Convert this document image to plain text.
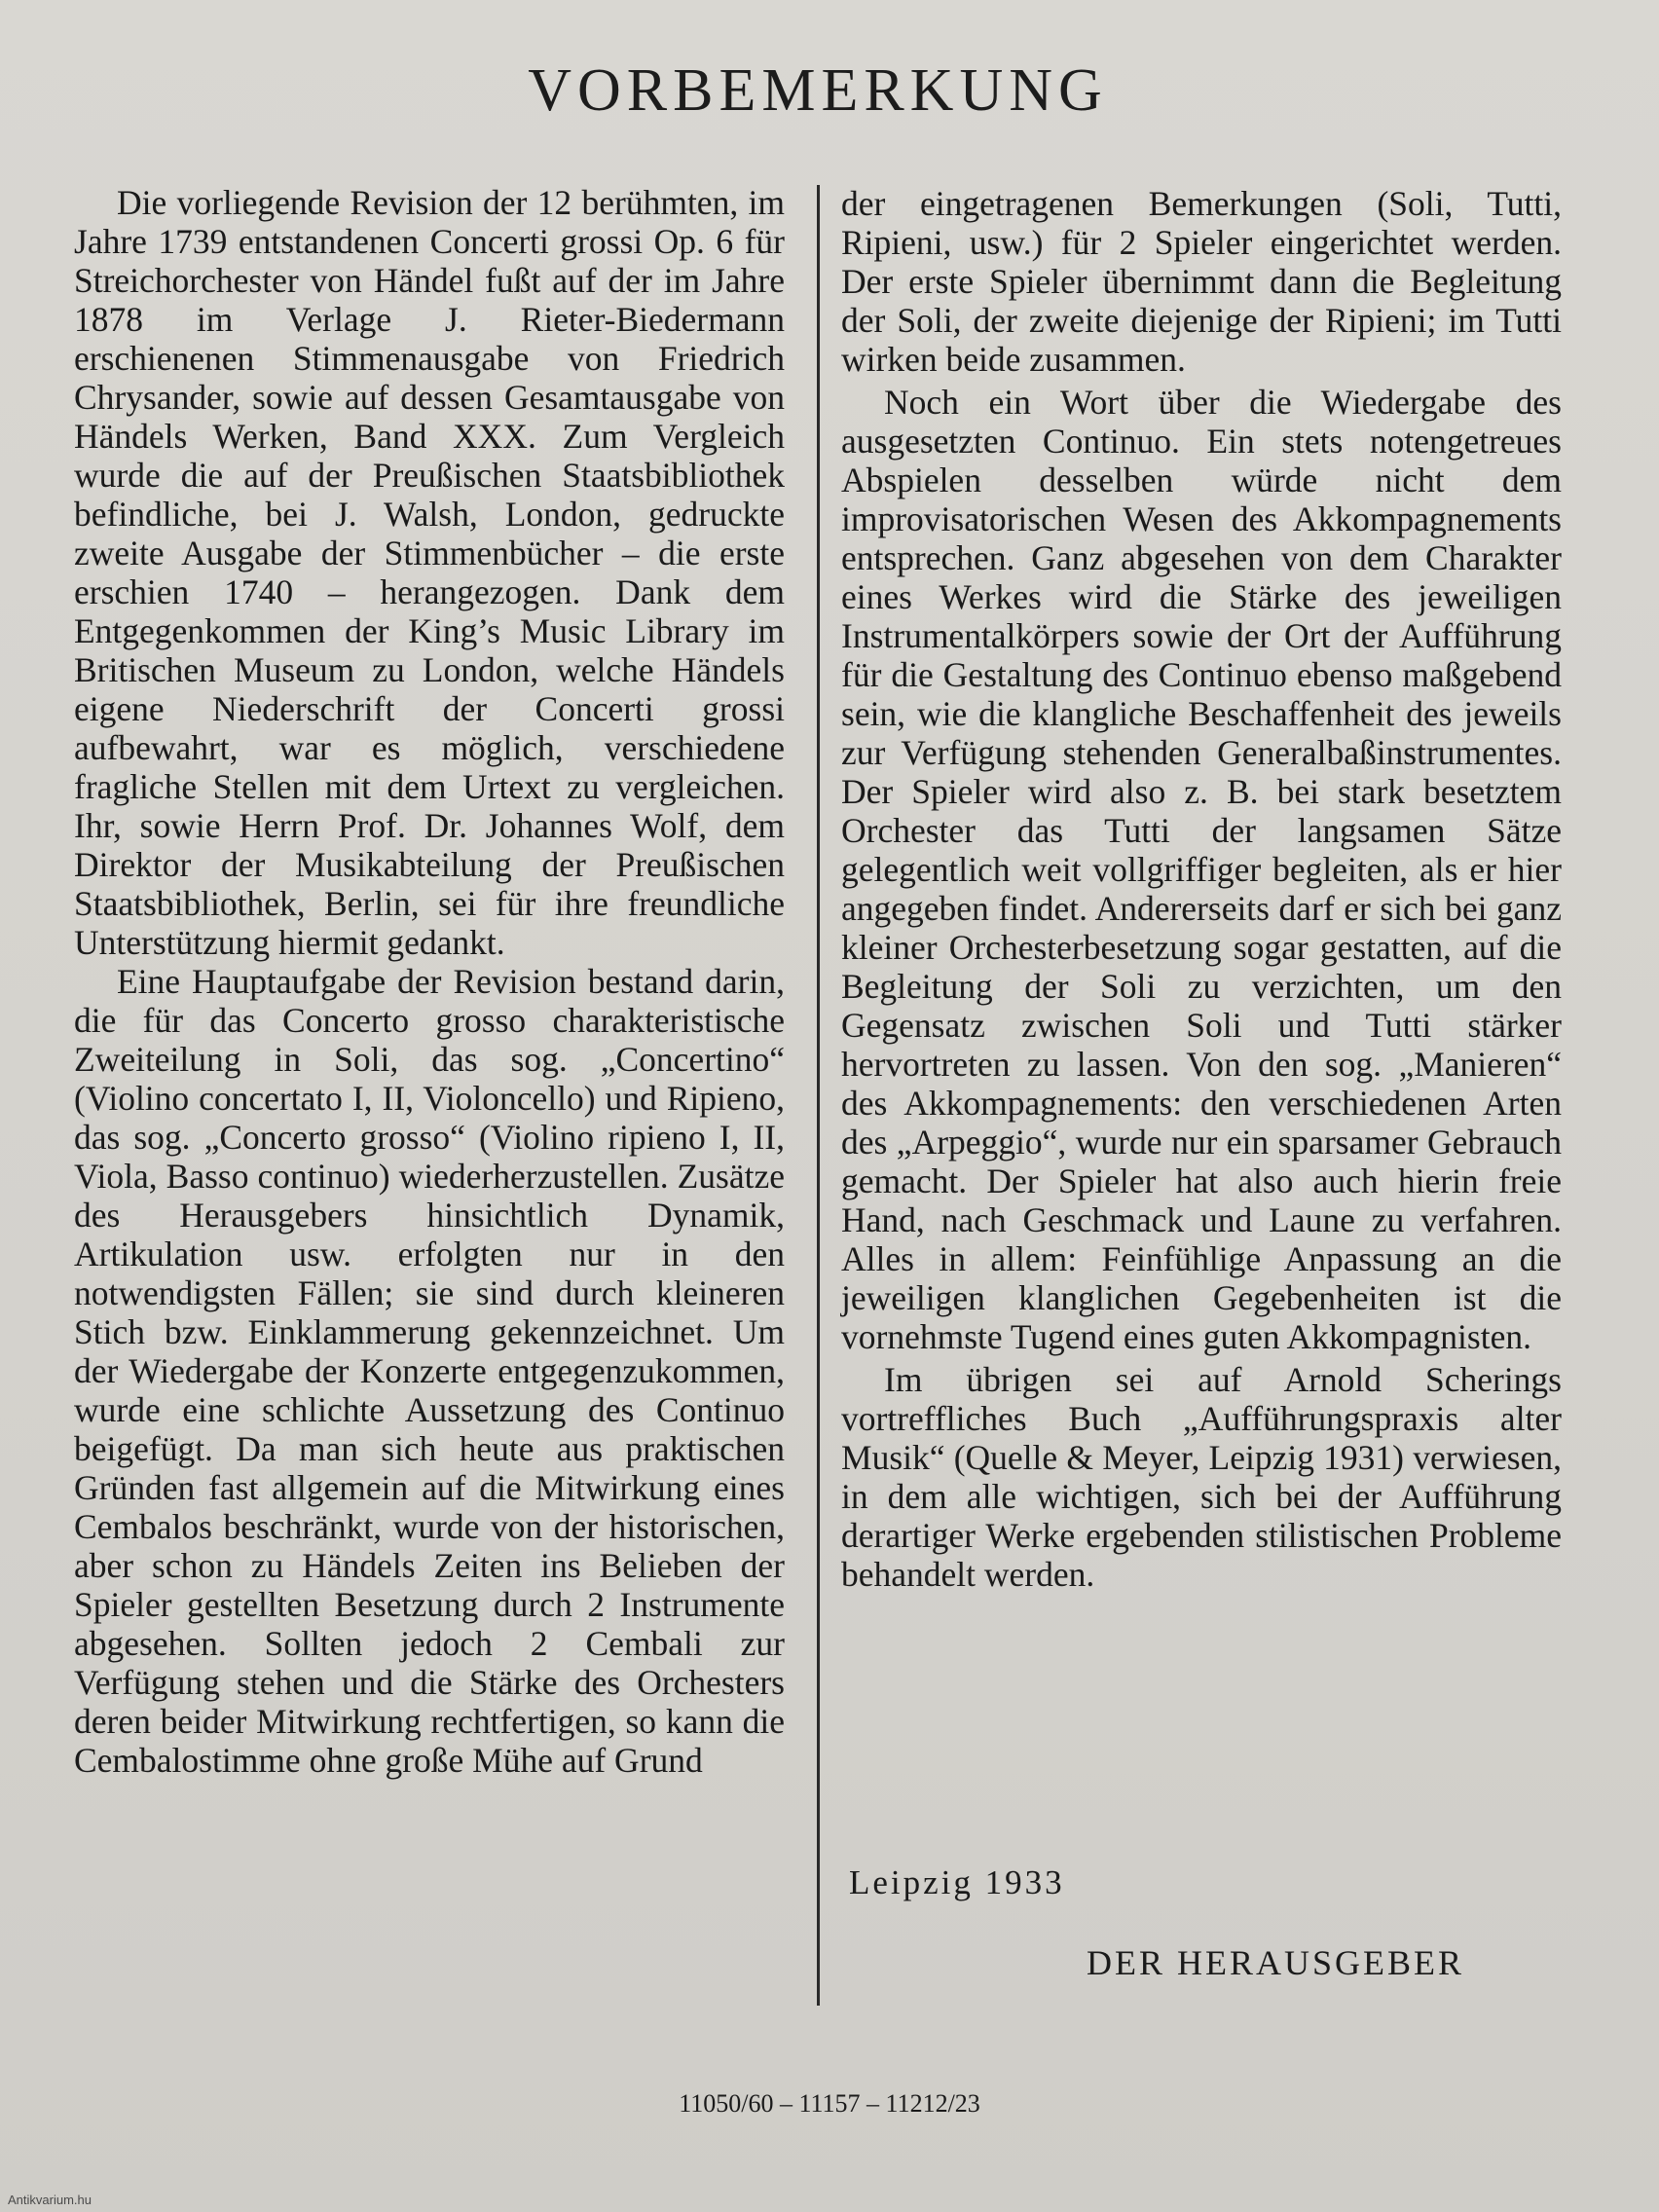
VORBEMERKUNG

Die vorliegende Revision der 12 berühmten, im Jahre 1739 entstandenen Concerti grossi Op. 6 für Streichorchester von Händel fußt auf der im Jahre 1878 im Verlage J. Rieter-Biedermann erschienenen Stimmenausgabe von Friedrich Chrysander, sowie auf dessen Gesamtausgabe von Händels Werken, Band XXX. Zum Vergleich wurde die auf der Preußischen Staatsbibliothek befindliche, bei J. Walsh, London, gedruckte zweite Ausgabe der Stimmenbücher – die erste erschien 1740 – herangezogen. Dank dem Entgegenkommen der King’s Music Library im Britischen Museum zu London, welche Händels eigene Niederschrift der Concerti grossi aufbewahrt, war es möglich, verschiedene fragliche Stellen mit dem Urtext zu vergleichen. Ihr, sowie Herrn Prof. Dr. Johannes Wolf, dem Direktor der Musikabteilung der Preußischen Staatsbibliothek, Berlin, sei für ihre freundliche Unterstützung hiermit gedankt.

Eine Hauptaufgabe der Revision bestand darin, die für das Concerto grosso charakteristische Zweiteilung in Soli, das sog. „Concertino“ (Violino concertato I, II, Violoncello) und Ripieno, das sog. „Concerto grosso“ (Violino ripieno I, II, Viola, Basso continuo) wiederherzustellen. Zusätze des Herausgebers hinsichtlich Dynamik, Artikulation usw. erfolgten nur in den notwendigsten Fällen; sie sind durch kleineren Stich bzw. Einklammerung gekennzeichnet. Um der Wiedergabe der Konzerte entgegenzukommen, wurde eine schlichte Aussetzung des Continuo beigefügt. Da man sich heute aus praktischen Gründen fast allgemein auf die Mitwirkung eines Cembalos beschränkt, wurde von der historischen, aber schon zu Händels Zeiten ins Belieben der Spieler gestellten Besetzung durch 2 Instrumente abgesehen. Sollten jedoch 2 Cembali zur Verfügung stehen und die Stärke des Orchesters deren beider Mitwirkung rechtfertigen, so kann die Cembalostimme ohne große Mühe auf Grund

der eingetragenen Bemerkungen (Soli, Tutti, Ripieni, usw.) für 2 Spieler eingerichtet werden. Der erste Spieler übernimmt dann die Begleitung der Soli, der zweite diejenige der Ripieni; im Tutti wirken beide zusammen.

Noch ein Wort über die Wiedergabe des ausgesetzten Continuo. Ein stets notengetreues Abspielen desselben würde nicht dem improvisatorischen Wesen des Akkompagnements entsprechen. Ganz abgesehen von dem Charakter eines Werkes wird die Stärke des jeweiligen Instrumentalkörpers sowie der Ort der Aufführung für die Gestaltung des Continuo ebenso maßgebend sein, wie die klangliche Beschaffenheit des jeweils zur Verfügung stehenden Generalbaßinstrumentes. Der Spieler wird also z. B. bei stark besetztem Orchester das Tutti der langsamen Sätze gelegentlich weit vollgriffiger begleiten, als er hier angegeben findet. Andererseits darf er sich bei ganz kleiner Orchesterbesetzung sogar gestatten, auf die Begleitung der Soli zu verzichten, um den Gegensatz zwischen Soli und Tutti stärker hervortreten zu lassen. Von den sog. „Manieren“ des Akkompagnements: den verschiedenen Arten des „Arpeggio“, wurde nur ein sparsamer Gebrauch gemacht. Der Spieler hat also auch hierin freie Hand, nach Geschmack und Laune zu verfahren. Alles in allem: Feinfühlige Anpassung an die jeweiligen klanglichen Gegebenheiten ist die vornehmste Tugend eines guten Akkompagnisten.

Im übrigen sei auf Arnold Scherings vortreffliches Buch „Aufführungspraxis alter Musik“ (Quelle & Meyer, Leipzig 1931) verwiesen, in dem alle wichtigen, sich bei der Aufführung derartiger Werke ergebenden stilistischen Probleme behandelt werden.

Leipzig 1933

DER HERAUSGEBER

11050/60 – 11157 – 11212/23

Antikvarium.hu
